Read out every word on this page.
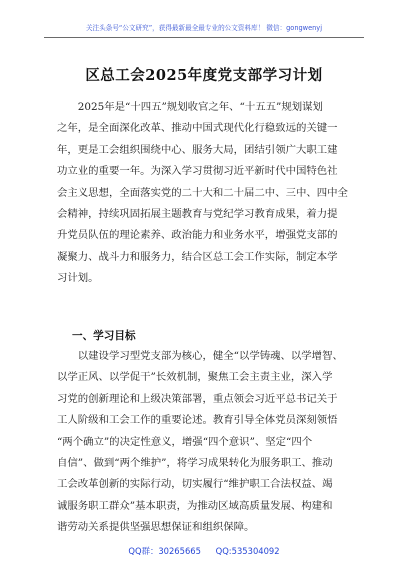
关注头条号“公文研究”，获得最新最全最专业的公文资料库！ 微信：gongwenyj
区总工会2025年度党支部学习计划
　　2025年是“十四五”规划收官之年、“十五五”规划谋划
之年，是全面深化改革、推动中国式现代化行稳致远的关键一
年，更是工会组织围绕中心、服务大局，团结引领广大职工建
功立业的重要一年。为深入学习贯彻习近平新时代中国特色社
会主义思想，全面落实党的二十大和二十届二中、三中、四中全
会精神，持续巩固拓展主题教育与党纪学习教育成果，着力提
升党员队伍的理论素养、政治能力和业务水平，增强党支部的
凝聚力、战斗力和服务力，结合区总工会工作实际，制定本学
习计划。
一、学习目标
　　以建设学习型党支部为核心，健全“以学铸魂、以学增智、
以学正风、以学促干”长效机制，聚焦工会主责主业，深入学
习党的创新理论和上级决策部署，重点领会习近平总书记关于
工人阶级和工会工作的重要论述。教育引导全体党员深刻领悟
“两个确立”的决定性意义，增强“四个意识”、坚定“四个
自信”、做到“两个维护”，将学习成果转化为服务职工、推动
工会改革创新的实际行动，切实履行“维护职工合法权益、竭
诚服务职工群众”基本职责，为推动区域高质量发展、构建和
谐劳动关系提供坚强思想保证和组织保障。
QQ群：30265665 QQ:535304092
